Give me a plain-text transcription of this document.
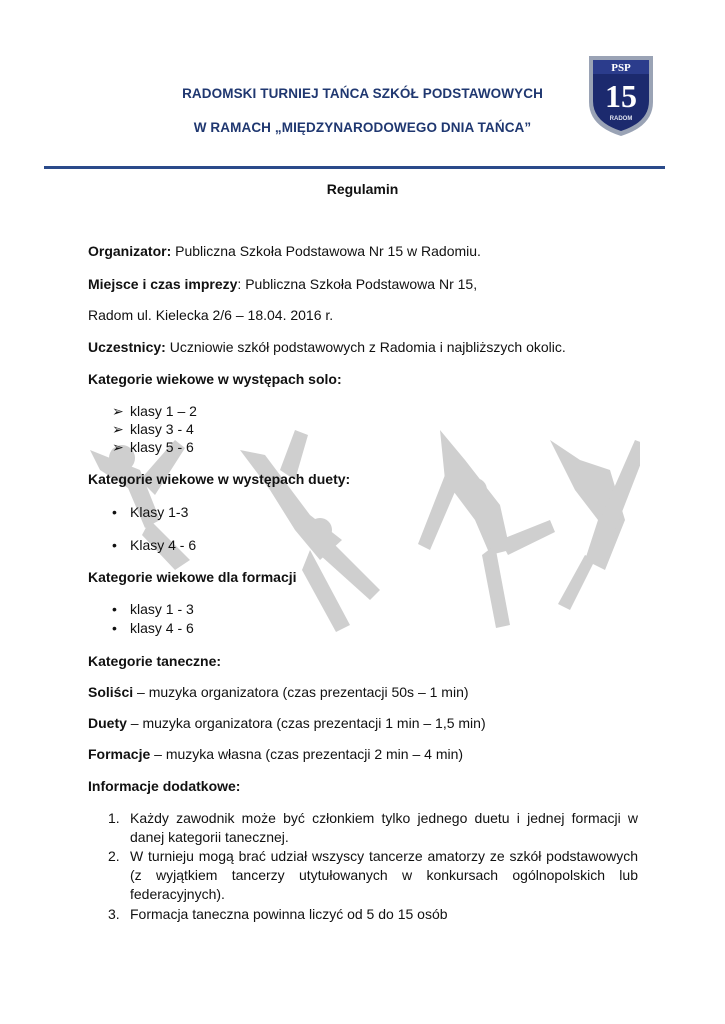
RADOMSKI TURNIEJ TAŃCA SZKÓŁ PODSTAWOWYCH
W RAMACH „MIĘDZYNARODOWEGO DNIA TAŃCA”
PSP
15
RADOM
Regulamin
Organizator: Publiczna Szkoła Podstawowa Nr 15 w Radomiu.
Miejsce i czas imprezy: Publiczna Szkoła Podstawowa Nr 15,
Radom ul. Kielecka 2/6 – 18.04. 2016 r.
Uczestnicy: Uczniowie szkół podstawowych z Radomia i najbliższych okolic.
Kategorie wiekowe w występach solo:
➢ klasy 1 – 2
➢ klasy 3 - 4
➢ klasy 5 - 6
Kategorie wiekowe w występach duety:
• Klasy 1-3
• Klasy 4 - 6
Kategorie wiekowe dla formacji
• klasy 1 - 3
• klasy 4 - 6
Kategorie taneczne:
Soliści – muzyka organizatora (czas prezentacji 50s – 1 min)
Duety – muzyka organizatora (czas prezentacji 1 min – 1,5 min)
Formacje – muzyka własna (czas prezentacji 2 min – 4 min)
Informacje dodatkowe:
1. Każdy zawodnik może być członkiem tylko jednego duetu i jednej formacji w danej kategorii tanecznej.
2. W turnieju mogą brać udział wszyscy tancerze amatorzy ze szkół podstawowych (z wyjątkiem tancerzy utytułowanych w konkursach ogólnopolskich lub federacyjnych).
3. Formacja taneczna powinna liczyć od 5 do 15 osób
